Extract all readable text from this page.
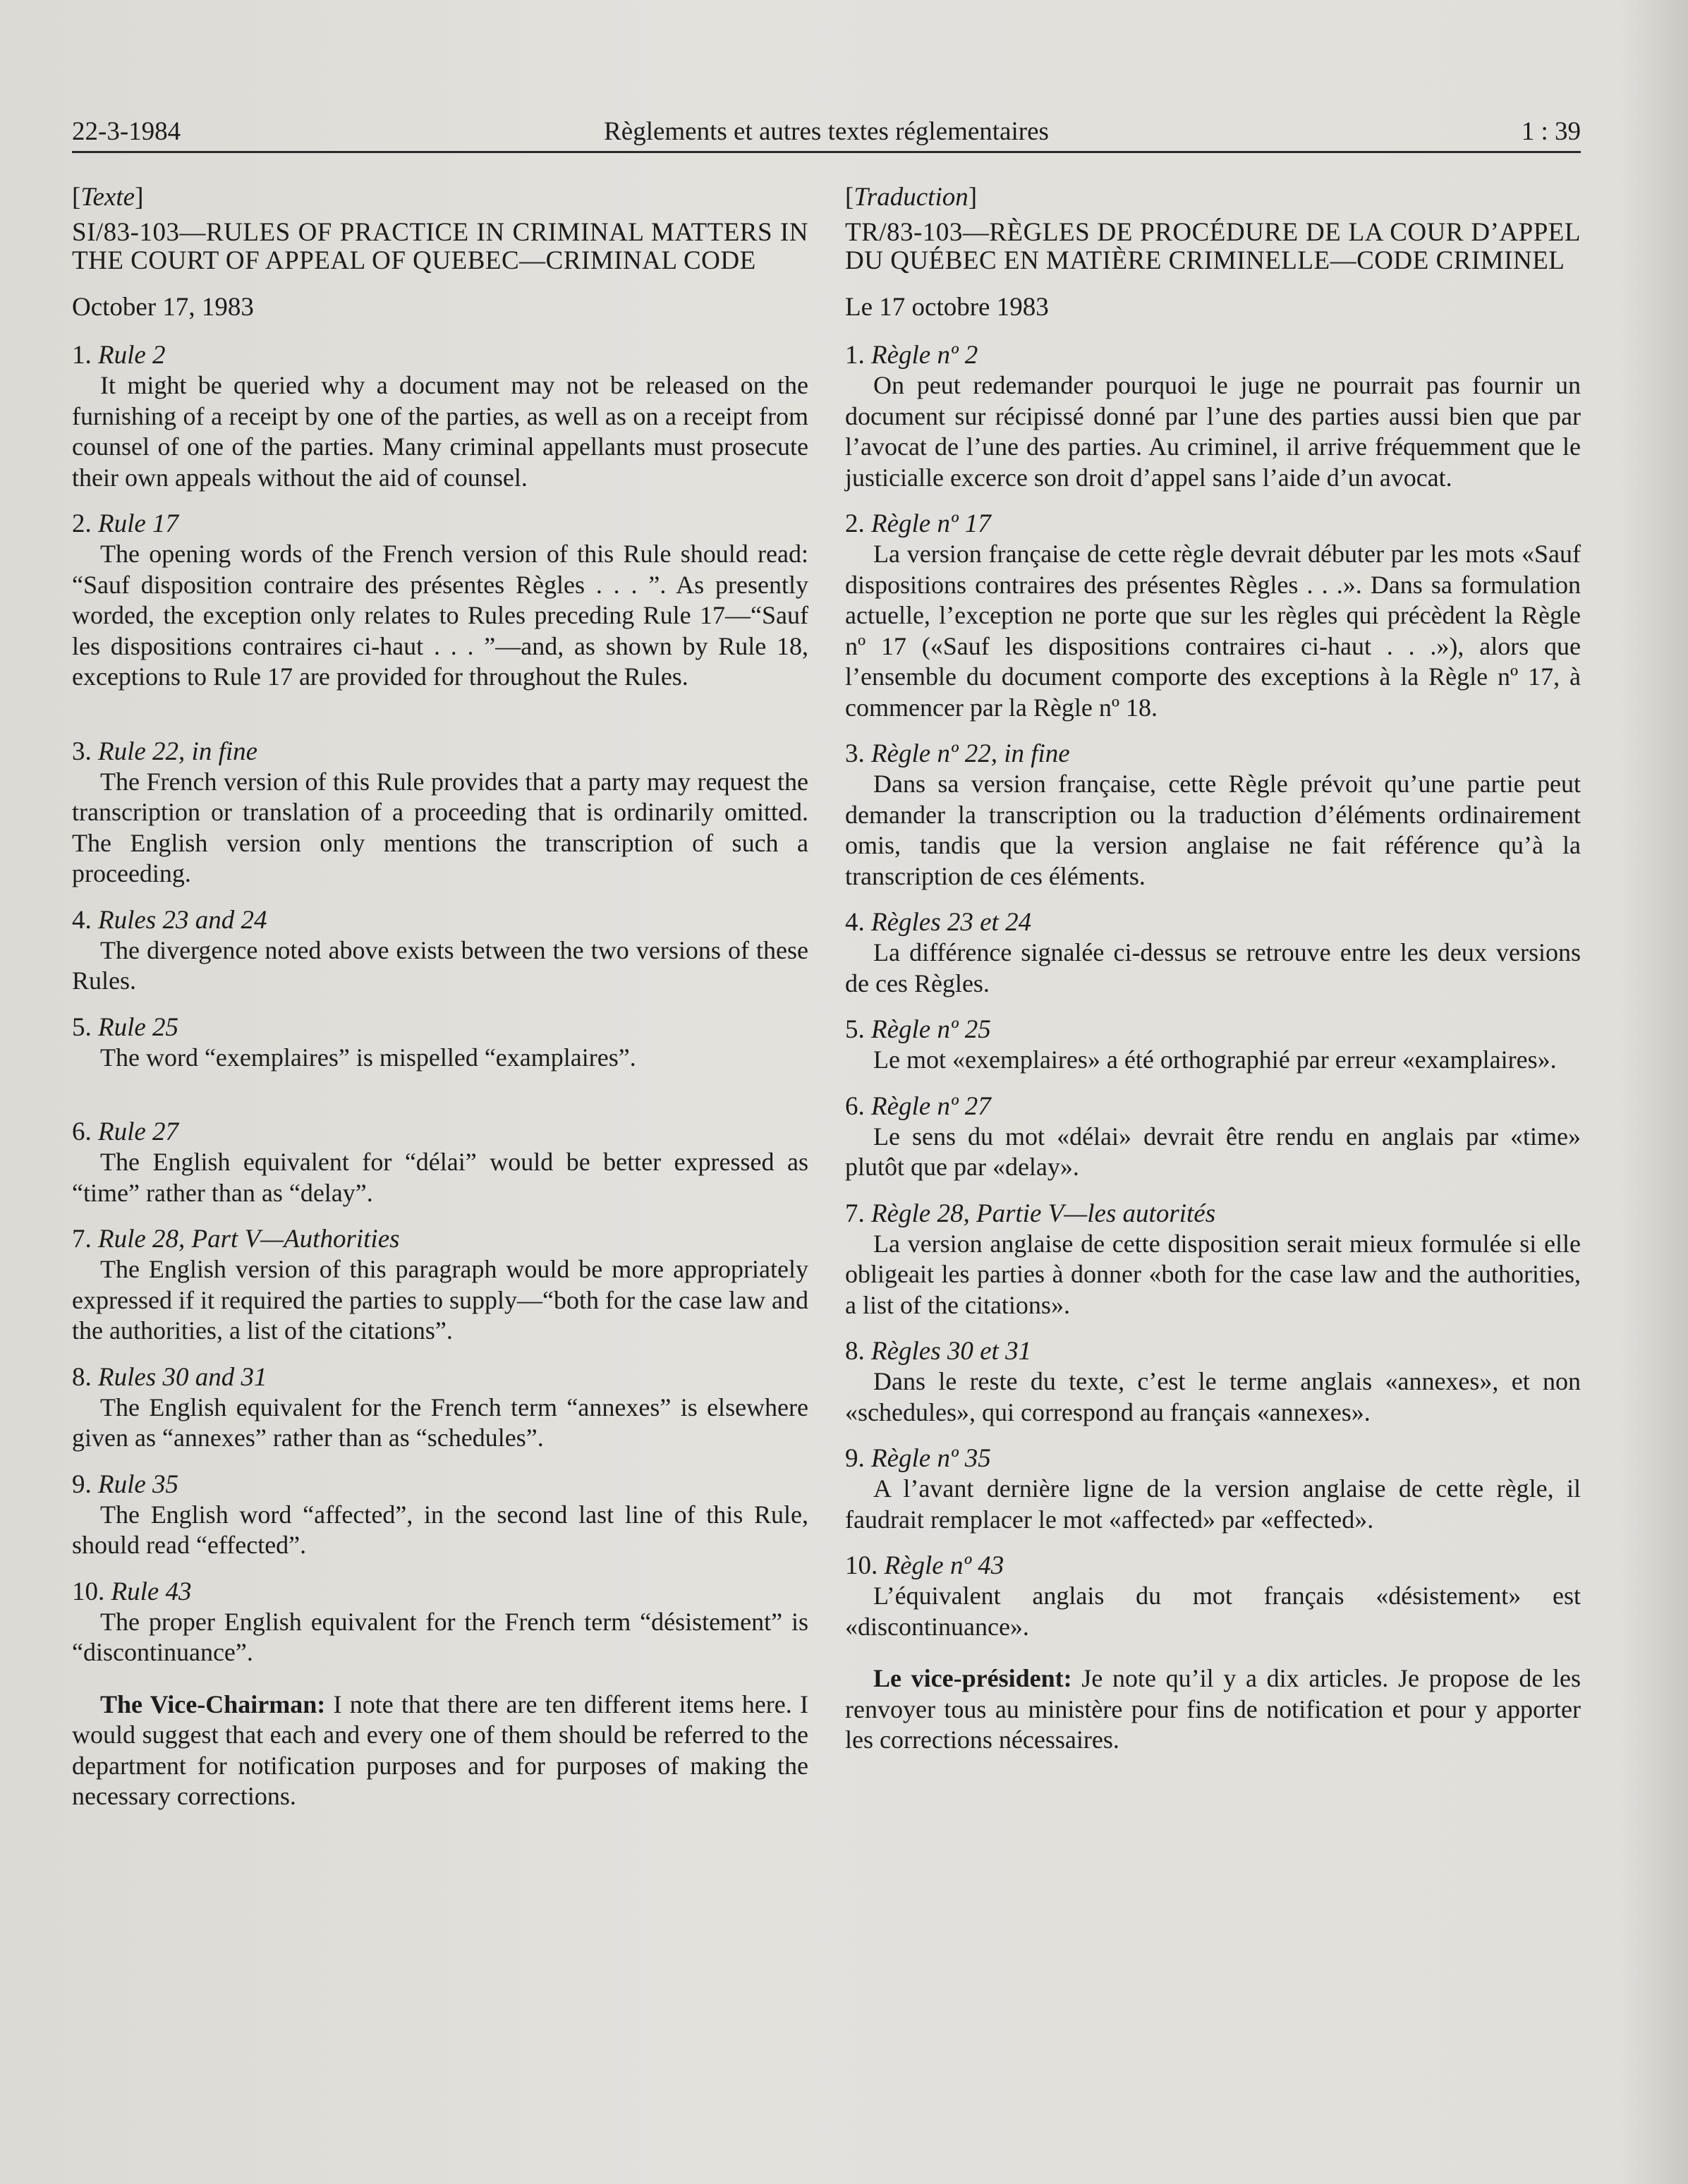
22-3-1984	Règlements et autres textes réglementaires	1 : 39
[Texte]
SI/83-103—RULES OF PRACTICE IN CRIMINAL MATTERS IN THE COURT OF APPEAL OF QUEBEC—CRIMINAL CODE
October 17, 1983
1. Rule 2
It might be queried why a document may not be released on the furnishing of a receipt by one of the parties, as well as on a receipt from counsel of one of the parties. Many criminal appellants must prosecute their own appeals without the aid of counsel.
2. Rule 17
The opening words of the French version of this Rule should read: “Sauf disposition contraire des présentes Règles . . . ”. As presently worded, the exception only relates to Rules preceding Rule 17—“Sauf les dispositions contraires ci-haut . . . ”—and, as shown by Rule 18, exceptions to Rule 17 are provided for throughout the Rules.
3. Rule 22, in fine
The French version of this Rule provides that a party may request the transcription or translation of a proceeding that is ordinarily omitted. The English version only mentions the transcription of such a proceeding.
4. Rules 23 and 24
The divergence noted above exists between the two versions of these Rules.
5. Rule 25
The word “exemplaires” is mispelled “examplaires”.
6. Rule 27
The English equivalent for “délai” would be better expressed as “time” rather than as “delay”.
7. Rule 28, Part V—Authorities
The English version of this paragraph would be more appropriately expressed if it required the parties to supply—“both for the case law and the authorities, a list of the citations”.
8. Rules 30 and 31
The English equivalent for the French term “annexes” is elsewhere given as “annexes” rather than as “schedules”.
9. Rule 35
The English word “affected”, in the second last line of this Rule, should read “effected”.
10. Rule 43
The proper English equivalent for the French term “désistement” is “discontinuance”.
The Vice-Chairman: I note that there are ten different items here. I would suggest that each and every one of them should be referred to the department for notification purposes and for purposes of making the necessary corrections.
[Traduction]
TR/83-103—RÈGLES DE PROCÉDURE DE LA COUR D’APPEL DU QUÉBEC EN MATIÈRE CRIMINELLE—CODE CRIMINEL
Le 17 octobre 1983
1. Règle nº 2
On peut redemander pourquoi le juge ne pourrait pas fournir un document sur récipissé donné par l’une des parties aussi bien que par l’avocat de l’une des parties. Au criminel, il arrive fréquemment que le justicialle excerce son droit d’appel sans l’aide d’un avocat.
2. Règle nº 17
La version française de cette règle devrait débuter par les mots «Sauf dispositions contraires des présentes Règles . . .». Dans sa formulation actuelle, l’exception ne porte que sur les règles qui précèdent la Règle nº 17 («Sauf les dispositions contraires ci-haut . . .»), alors que l’ensemble du document comporte des exceptions à la Règle nº 17, à commencer par la Règle nº 18.
3. Règle nº 22, in fine
Dans sa version française, cette Règle prévoit qu’une partie peut demander la transcription ou la traduction d’éléments ordinairement omis, tandis que la version anglaise ne fait référence qu’à la transcription de ces éléments.
4. Règles 23 et 24
La différence signalée ci-dessus se retrouve entre les deux versions de ces Règles.
5. Règle nº 25
Le mot «exemplaires» a été orthographié par erreur «examplaires».
6. Règle nº 27
Le sens du mot «délai» devrait être rendu en anglais par «time» plutôt que par «delay».
7. Règle 28, Partie V—les autorités
La version anglaise de cette disposition serait mieux formulée si elle obligeait les parties à donner «both for the case law and the authorities, a list of the citations».
8. Règles 30 et 31
Dans le reste du texte, c’est le terme anglais «annexes», et non «schedules», qui correspond au français «annexes».
9. Règle nº 35
A l’avant dernière ligne de la version anglaise de cette règle, il faudrait remplacer le mot «affected» par «effected».
10. Règle nº 43
L’équivalent anglais du mot français «désistement» est «discontinuance».
Le vice-président: Je note qu’il y a dix articles. Je propose de les renvoyer tous au ministère pour fins de notification et pour y apporter les corrections nécessaires.
